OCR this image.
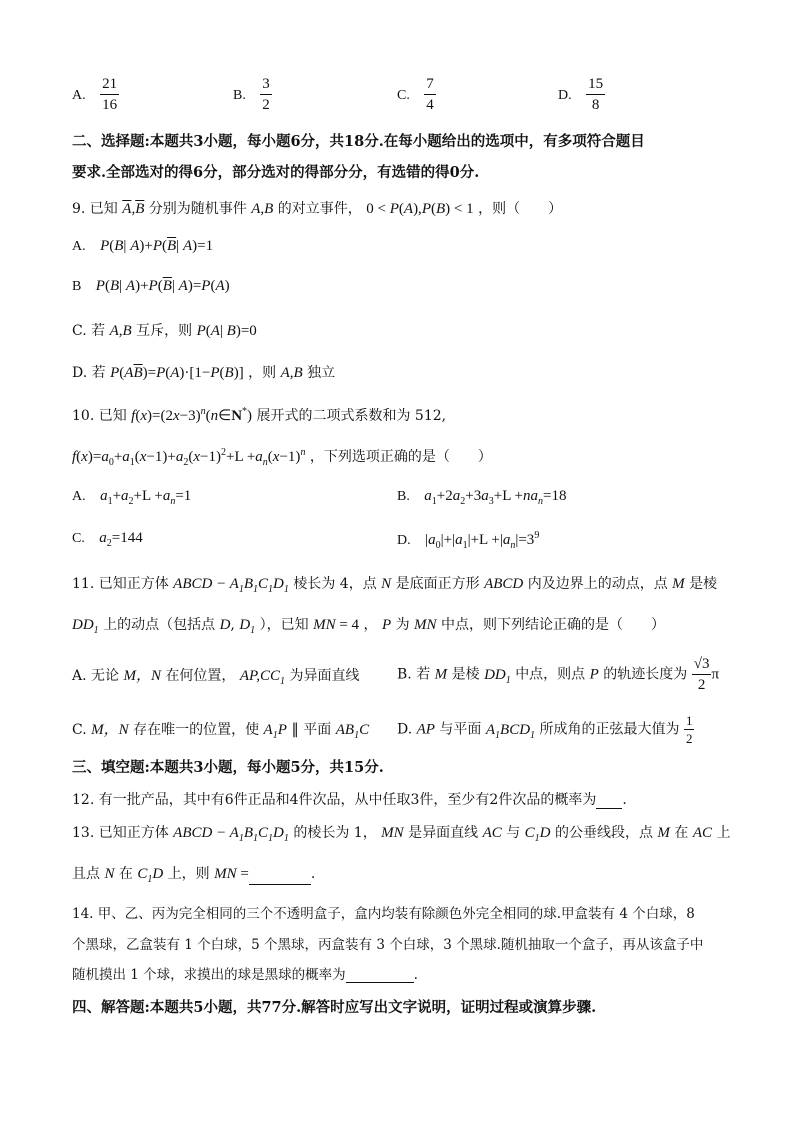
A. $\frac{21}{16}$	B. $\frac{3}{2}$	C. $\frac{7}{4}$	D. $\frac{15}{8}$
二、选择题:本题共3小题，每小题6分，共18分.在每小题给出的选项中，有多项符合题目
要求.全部选对的得6分，部分选对的得部分分，有选错的得0分.
9. 已知 $\overline{A},\overline{B}$ 分别为随机事件 A,B 的对立事件， 0 < P(A),P(B) < 1 ，则（　　）
A. P(B| $A)+P(\overline{B}|$ A)=1
B P(B| $A)+P(\overline{B}|$ A)=P(A)
C. 若 A,B 互斥，则 P(A| B)=0
D. 若 $P(A\overline{B})=P(A)\cdot[1-P(B)]$ ，则 A,B 独立
10. 已知 $f(x)=(2x-3)^n(n\in N^*)$ 展开式的二项式系数和为 512,
$f(x)=a_0+a_1(x-1)+a_2(x-1)^2+L +a_n(x-1)^n$ ，下列选项正确的是（　　）
A. $a_1+a_2+L +a_n=1$	B. $a_1+2a_2+3a_3+L +na_n=18$
C. $a_2=144$	D. $|a_0|+|a_1|+L +|a_n|=3^9$
11. 已知正方体 ABCD − $A_1B_1C_1D_1$ 棱长为 4，点 N 是底面正方形 ABCD 内及边界上的动点，点 M 是棱
$DD_1$ 上的动点（包括点 D, $D_1$ ），已知 MN = 4 ， P 为 MN 中点，则下列结论正确的是（　　）
A. 无论 M，N 在何位置， $AP,CC_1$ 为异面直线	B. 若 M 是棱 $DD_1$ 中点，则点 P 的轨迹长度为 $\frac{√3}{2}$ π
C. M，N 存在唯一的位置，使 $A_1P$ ∥ 平面 $AB_1C$ D. AP 与平面 $A_1BCD_1$ 所成角的正弦最大值为 $\frac{1}{2}$
三、填空题:本题共3小题，每小题5分，共15分.
12. 有一批产品，其中有6件正品和4件次品，从中任取3件，至少有2件次品的概率为 .
13. 已知正方体 ABCD − $A_1B_1C_1D_1$ 的棱长为 1， MN 是异面直线 AC 与 $C_1D$ 的公垂线段，点 M 在 AC 上
且点 N 在 $C_1D$ 上，则 MN =	.
14. 甲、乙、丙为完全相同的三个不透明盒子，盒内均装有除颜色外完全相同的球.甲盒装有 4 个白球，8
个黑球，乙盒装有 1 个白球，5 个黑球，丙盒装有 3 个白球，3 个黑球.随机抽取一个盒子，再从该盒子中
随机摸出 1 个球，求摸出的球是黑球的概率为	.
四、解答题:本题共5小题，共77分.解答时应写出文字说明，证明过程或演算步骤.
